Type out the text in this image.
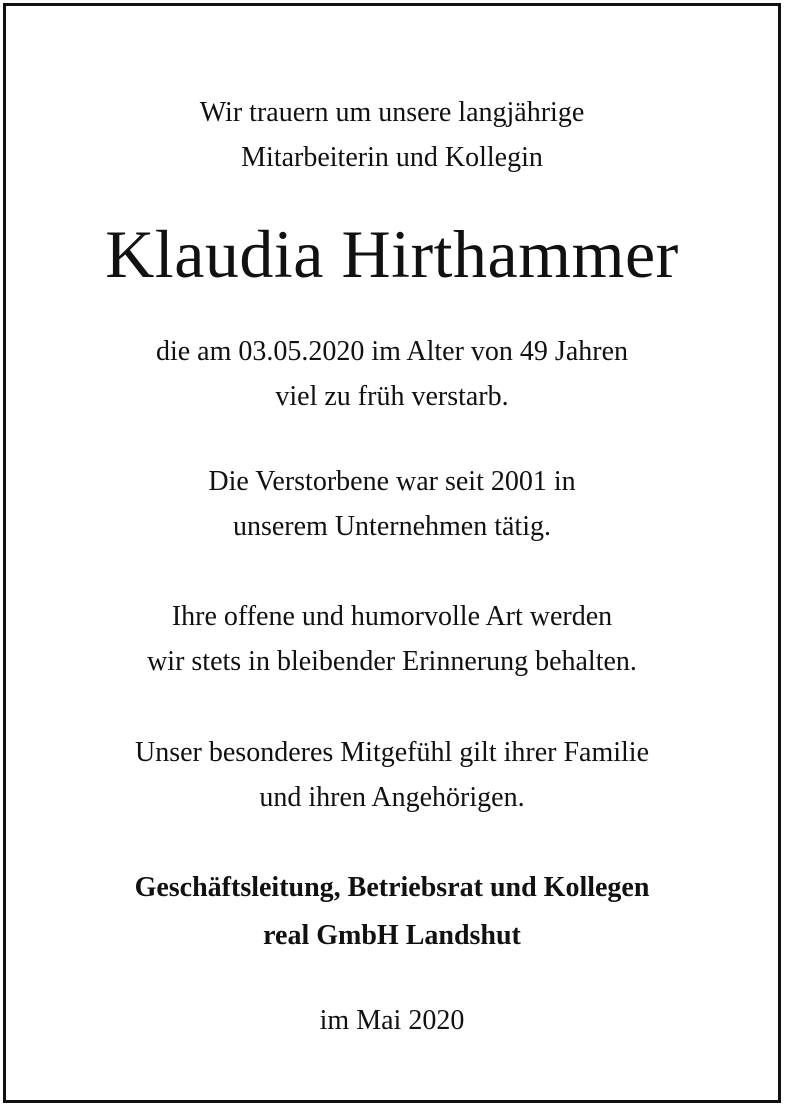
Wir trauern um unsere langjährige
Mitarbeiterin und Kollegin
Klaudia Hirthammer
die am 03.05.2020 im Alter von 49 Jahren
viel zu früh verstarb.
Die Verstorbene war seit 2001 in
unserem Unternehmen tätig.
Ihre offene und humorvolle Art werden
wir stets in bleibender Erinnerung behalten.
Unser besonderes Mitgefühl gilt ihrer Familie
und ihren Angehörigen.
Geschäftsleitung, Betriebsrat und Kollegen
real GmbH Landshut
im Mai 2020
